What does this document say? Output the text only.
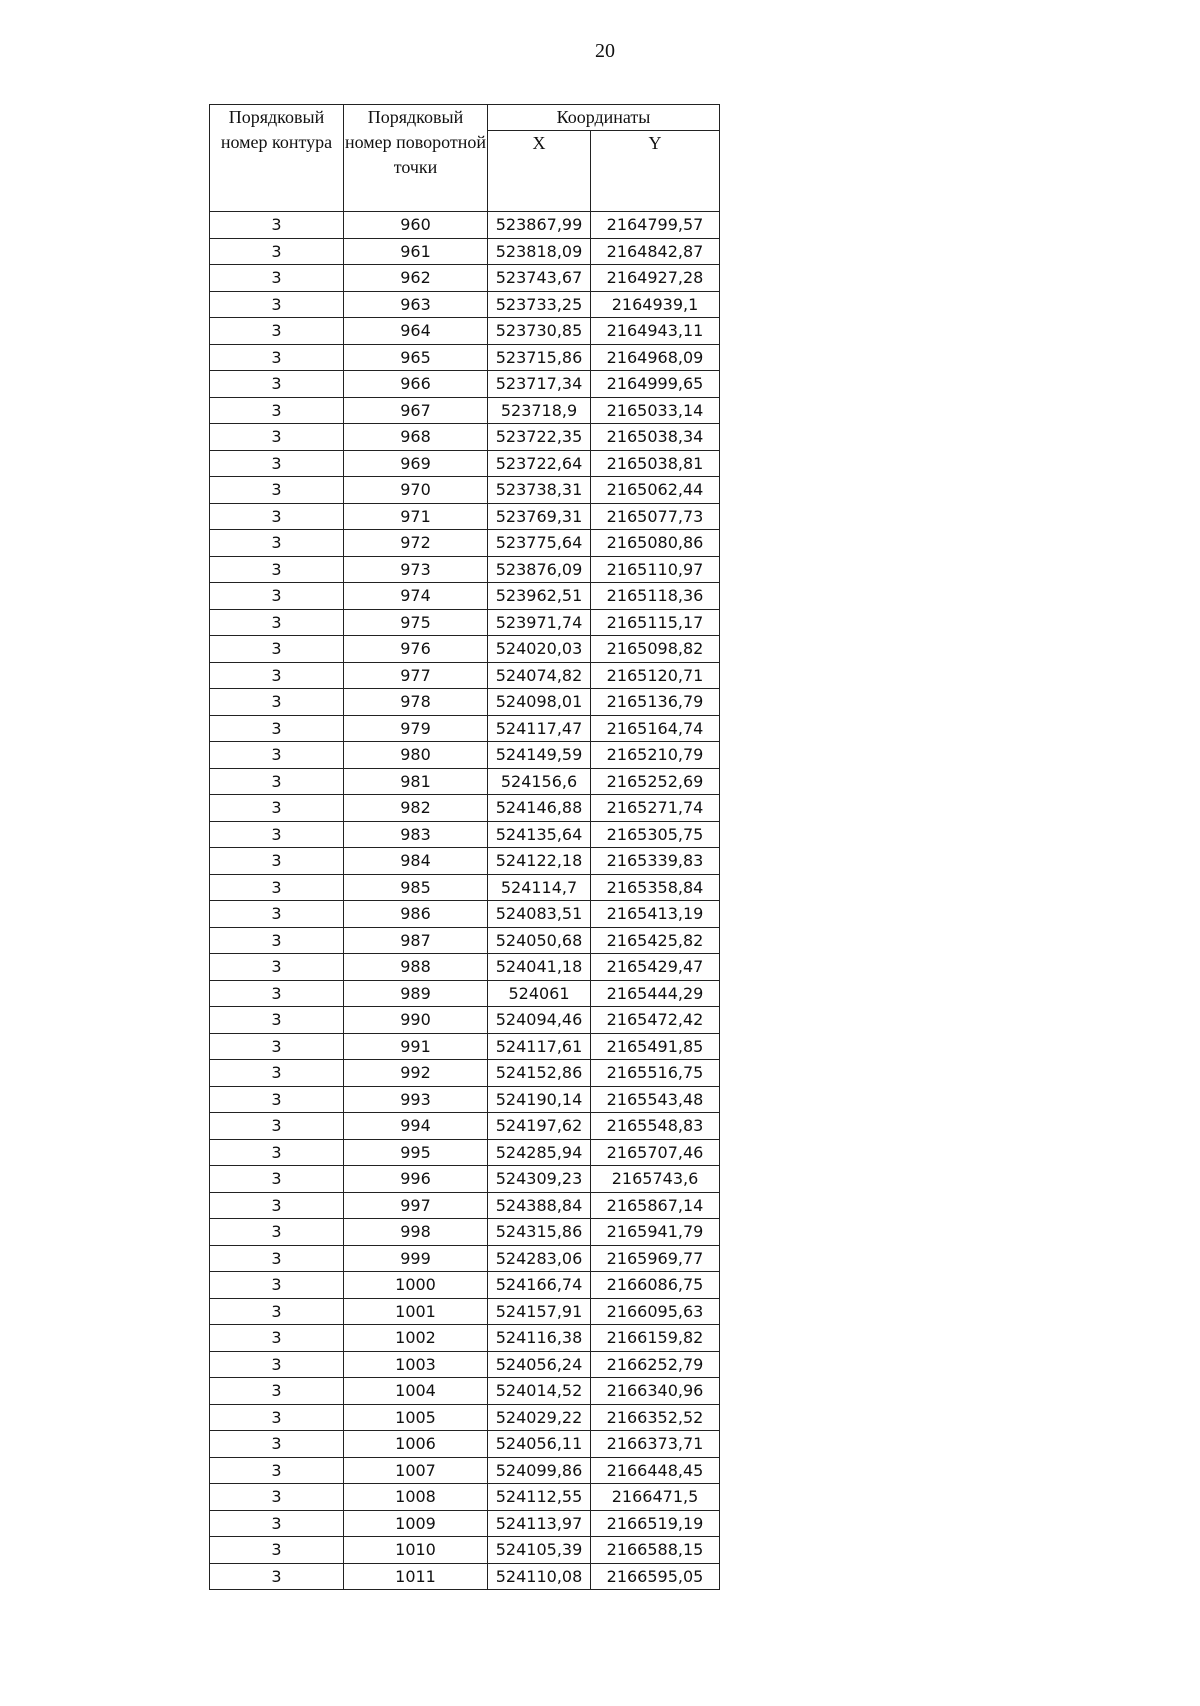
20
Порядковый номер контура	Порядковый номер поворотной точки	Координаты	
		X	Y
3	960	523867,99	2164799,57
3	961	523818,09	2164842,87
3	962	523743,67	2164927,28
3	963	523733,25	2164939,1
3	964	523730,85	2164943,11
3	965	523715,86	2164968,09
3	966	523717,34	2164999,65
3	967	523718,9	2165033,14
3	968	523722,35	2165038,34
3	969	523722,64	2165038,81
3	970	523738,31	2165062,44
3	971	523769,31	2165077,73
3	972	523775,64	2165080,86
3	973	523876,09	2165110,97
3	974	523962,51	2165118,36
3	975	523971,74	2165115,17
3	976	524020,03	2165098,82
3	977	524074,82	2165120,71
3	978	524098,01	2165136,79
3	979	524117,47	2165164,74
3	980	524149,59	2165210,79
3	981	524156,6	2165252,69
3	982	524146,88	2165271,74
3	983	524135,64	2165305,75
3	984	524122,18	2165339,83
3	985	524114,7	2165358,84
3	986	524083,51	2165413,19
3	987	524050,68	2165425,82
3	988	524041,18	2165429,47
3	989	524061	2165444,29
3	990	524094,46	2165472,42
3	991	524117,61	2165491,85
3	992	524152,86	2165516,75
3	993	524190,14	2165543,48
3	994	524197,62	2165548,83
3	995	524285,94	2165707,46
3	996	524309,23	2165743,6
3	997	524388,84	2165867,14
3	998	524315,86	2165941,79
3	999	524283,06	2165969,77
3	1000	524166,74	2166086,75
3	1001	524157,91	2166095,63
3	1002	524116,38	2166159,82
3	1003	524056,24	2166252,79
3	1004	524014,52	2166340,96
3	1005	524029,22	2166352,52
3	1006	524056,11	2166373,71
3	1007	524099,86	2166448,45
3	1008	524112,55	2166471,5
3	1009	524113,97	2166519,19
3	1010	524105,39	2166588,15
3	1011	524110,08	2166595,05
